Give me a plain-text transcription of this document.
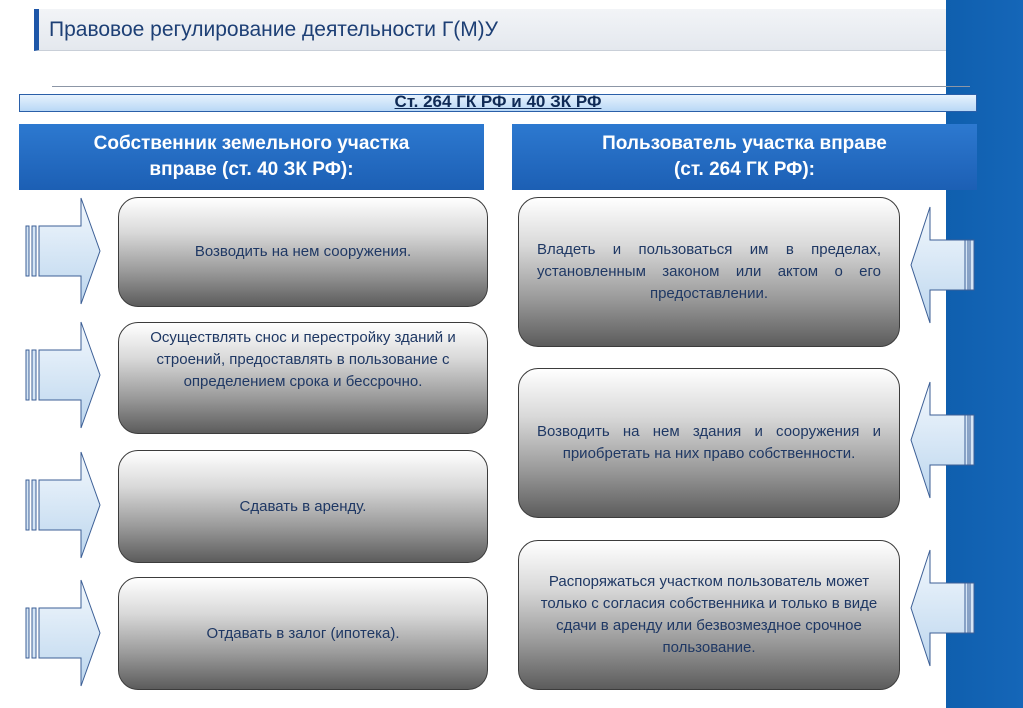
Правовое регулирование деятельности Г(М)У
Ст. 264 ГК РФ и 40 ЗК РФ
Собственник земельного участка
вправе (ст. 40 ЗК РФ):
Пользователь участка вправе
(ст. 264 ГК РФ):
Возводить на нем сооружения.
Осуществлять снос и перестройку зданий и строений, предоставлять в пользование с определением срока и бессрочно.
Сдавать в аренду.
Отдавать в залог (ипотека).
Владеть и пользоваться им в пределах, установленным законом или актом о его предоставлении.
Возводить на нем здания и сооружения и приобретать на них право собственности.
Распоряжаться участком пользователь может только с согласия собственника и только в виде сдачи в аренду или безвозмездное срочное пользование.
